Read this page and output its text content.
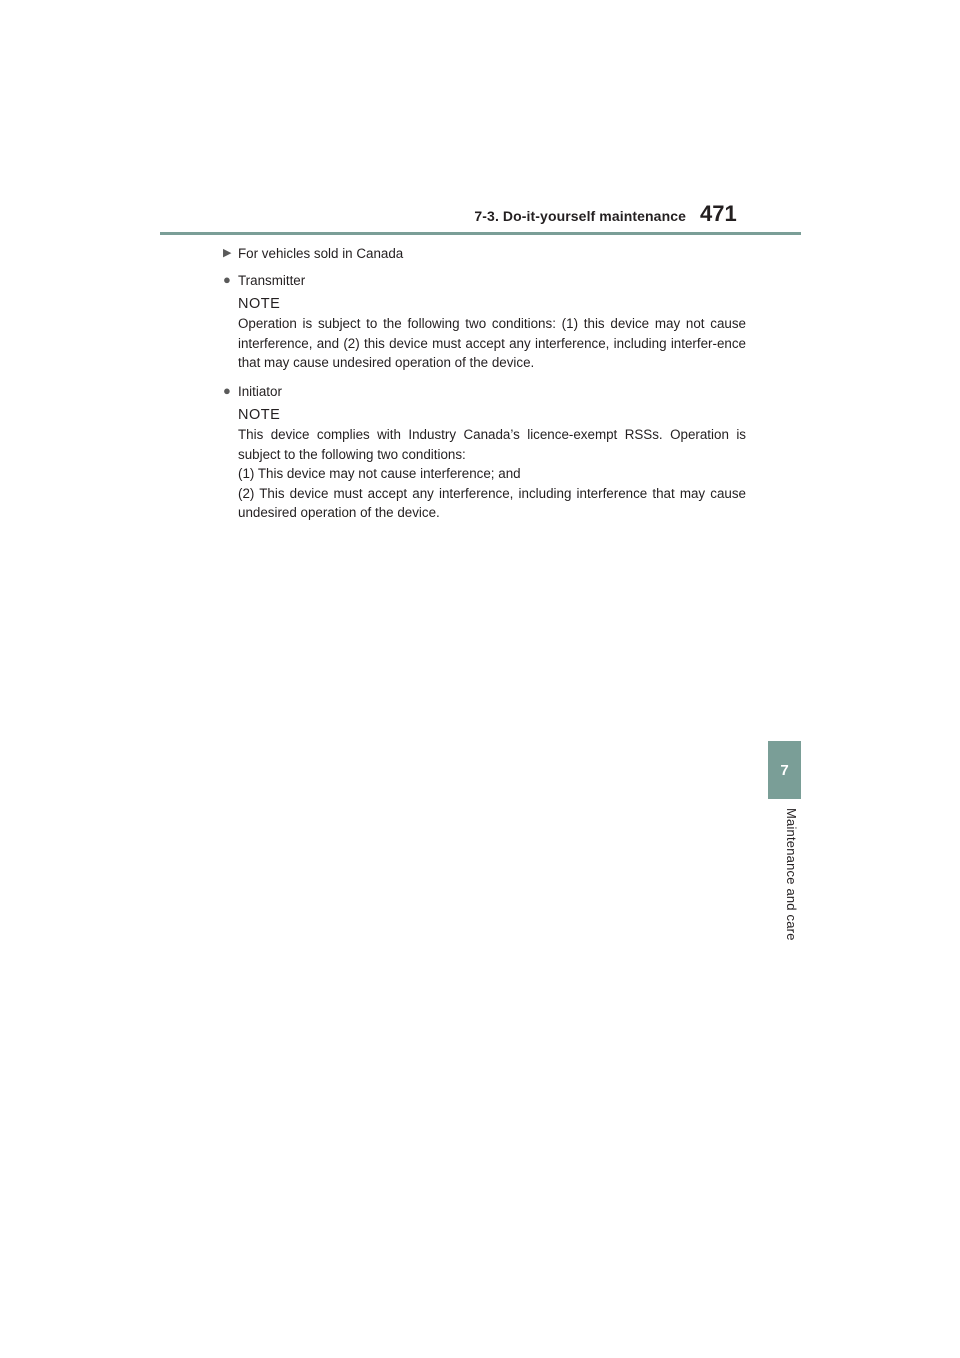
7-3. Do-it-yourself maintenance 471
7
Maintenance and care
▶ For vehicles sold in Canada
● Transmitter
NOTE
Operation is subject to the following two conditions: (1) this device may not cause interference, and (2) this device must accept any interference, including interfer-ence that may cause undesired operation of the device.
● Initiator
NOTE
This device complies with Industry Canada’s licence-exempt RSSs. Operation is subject to the following two conditions:
(1) This device may not cause interference; and
(2) This device must accept any interference, including interference that may cause undesired operation of the device.
